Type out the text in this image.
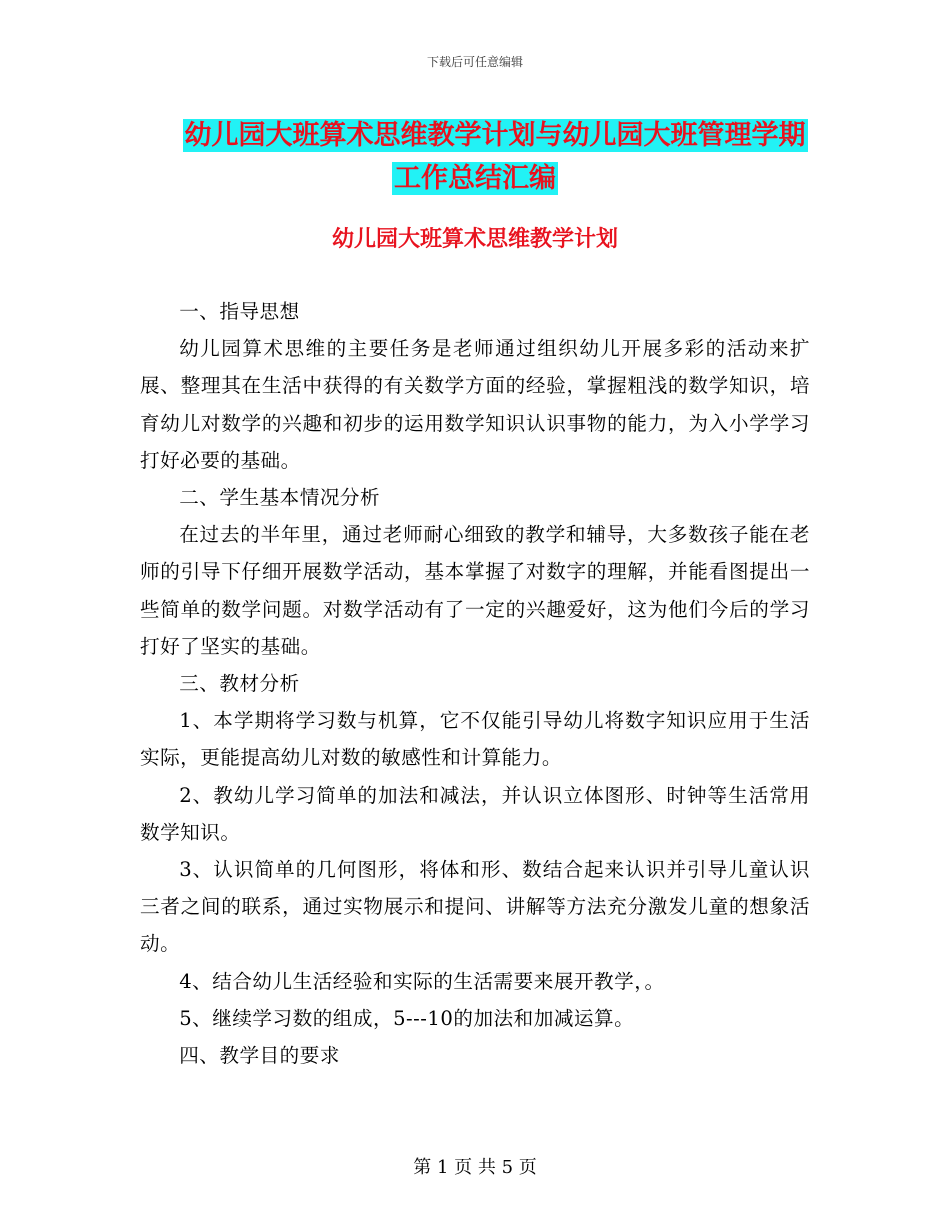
下载后可任意编辑
幼儿园大班算术思维教学计划与幼儿园大班管理学期
工作总结汇编
幼儿园大班算术思维教学计划

一、指导思想

幼儿园算术思维的主要任务是老师通过组织幼儿开展多彩的活动来扩展、整理其在生活中获得的有关数学方面的经验，掌握粗浅的数学知识，培育幼儿对数学的兴趣和初步的运用数学知识认识事物的能力，为入小学学习打好必要的基础。

二、学生基本情况分析

在过去的半年里，通过老师耐心细致的教学和辅导，大多数孩子能在老师的引导下仔细开展数学活动，基本掌握了对数字的理解，并能看图提出一些简单的数学问题。对数学活动有了一定的兴趣爱好，这为他们今后的学习打好了坚实的基础。

三、教材分析

1、本学期将学习数与机算，它不仅能引导幼儿将数字知识应用于生活实际，更能提高幼儿对数的敏感性和计算能力。

2、教幼儿学习简单的加法和减法，并认识立体图形、时钟等生活常用数学知识。

3、认识简单的几何图形，将体和形、数结合起来认识并引导儿童认识三者之间的联系，通过实物展示和提问、讲解等方法充分激发儿童的想象活动。

4、结合幼儿生活经验和实际的生活需要来展开教学，。

5、继续学习数的组成，5---10的加法和加减运算。

四、教学目的要求

第 1 页 共 5 页
